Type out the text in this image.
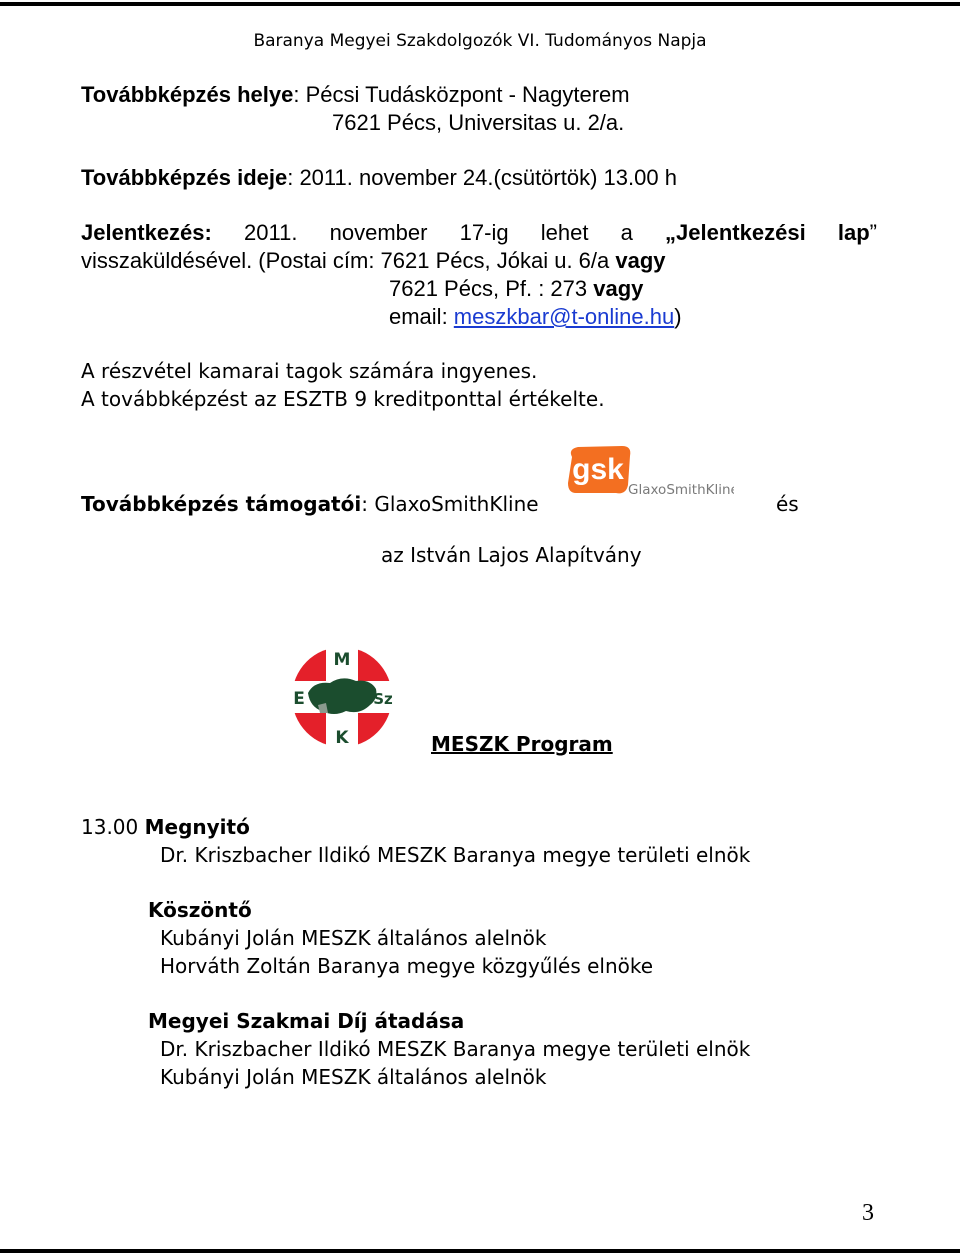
Baranya Megyei Szakdolgozók VI. Tudományos Napja
Továbbképzés helye: Pécsi Tudásközpont - Nagyterem
7621 Pécs, Universitas u. 2/a.
Továbbképzés ideje: 2011. november 24.(csütörtök) 13.00 h
Jelentkezés: 2011. november 17-ig lehet a „Jelentkezési lap”
visszaküldésével. (Postai cím: 7621 Pécs, Jókai u. 6/a vagy
7621 Pécs, Pf. : 273 vagy
email: meszkbar@t-online.hu)
A részvétel kamarai tagok számára ingyenes.
A továbbképzést az ESZTB 9 kreditponttal értékelte.
Továbbképzés támogatói: GlaxoSmithKline
gsk
GlaxoSmithKline
és
az István Lajos Alapítvány
M
E	Sz
K	MESZK Program
13.00 Megnyitó
Dr. Kriszbacher Ildikó MESZK Baranya megye területi elnök
Köszöntő
Kubányi Jolán MESZK általános alelnök
Horváth Zoltán Baranya megye közgyűlés elnöke
Megyei Szakmai Díj átadása
Dr. Kriszbacher Ildikó MESZK Baranya megye területi elnök
Kubányi Jolán MESZK általános alelnök
3
